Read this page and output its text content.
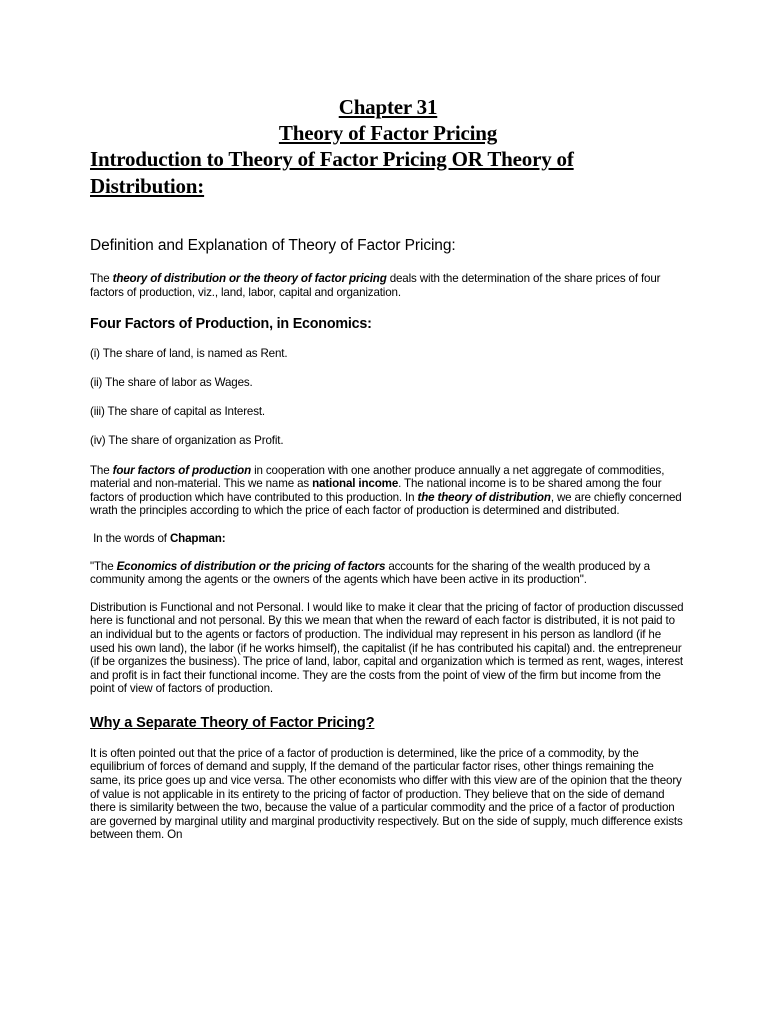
Chapter 31
Theory of Factor Pricing
Introduction to Theory of Factor Pricing OR Theory of Distribution:
Definition and Explanation of Theory of Factor Pricing:

The theory of distribution or the theory of factor pricing deals with the determination of the share prices of four factors of production, viz., land, labor, capital and organization.

Four Factors of Production, in Economics:

(i) The share of land, is named as Rent.

(ii) The share of labor as Wages.

(iii) The share of capital as Interest.

(iv) The share of organization as Profit.

The four factors of production in cooperation with one another produce annually a net aggregate of commodities, material and non-material. This we name as national income. The national income is to be shared among the four factors of production which have contributed to this production. In the theory of distribution, we are chiefly concerned wrath the principles according to which the price of each factor of production is determined and distributed.

In the words of Chapman:

"The Economics of distribution or the pricing of factors accounts for the sharing of the wealth produced by a community among the agents or the owners of the agents which have been active in its production".

Distribution is Functional and not Personal. I would like to make it clear that the pricing of factor of production discussed here is functional and not personal. By this we mean that when the reward of each factor is distributed, it is not paid to an individual but to the agents or factors of production. The individual may represent in his person as landlord (if he used his own land), the labor (if he works himself), the capitalist (if he has contributed his capital) and. the entrepreneur (if be organizes the business). The price of land, labor, capital and organization which is termed as rent, wages, interest and profit is in fact their functional income. They are the costs from the point of view of the firm but income from the point of view of factors of production.

Why a Separate Theory of Factor Pricing?

It is often pointed out that the price of a factor of production is determined, like the price of a commodity, by the equilibrium of forces of demand and supply, If the demand of the particular factor rises, other things remaining the same, its price goes up and vice versa. The other economists who differ with this view are of the opinion that the theory of value is not applicable in its entirety to the pricing of factor of production. They believe that on the side of demand there is similarity between the two, because the value of a particular commodity and the price of a factor of production are governed by marginal utility and marginal productivity respectively. But on the side of supply, much difference exists between them. On
